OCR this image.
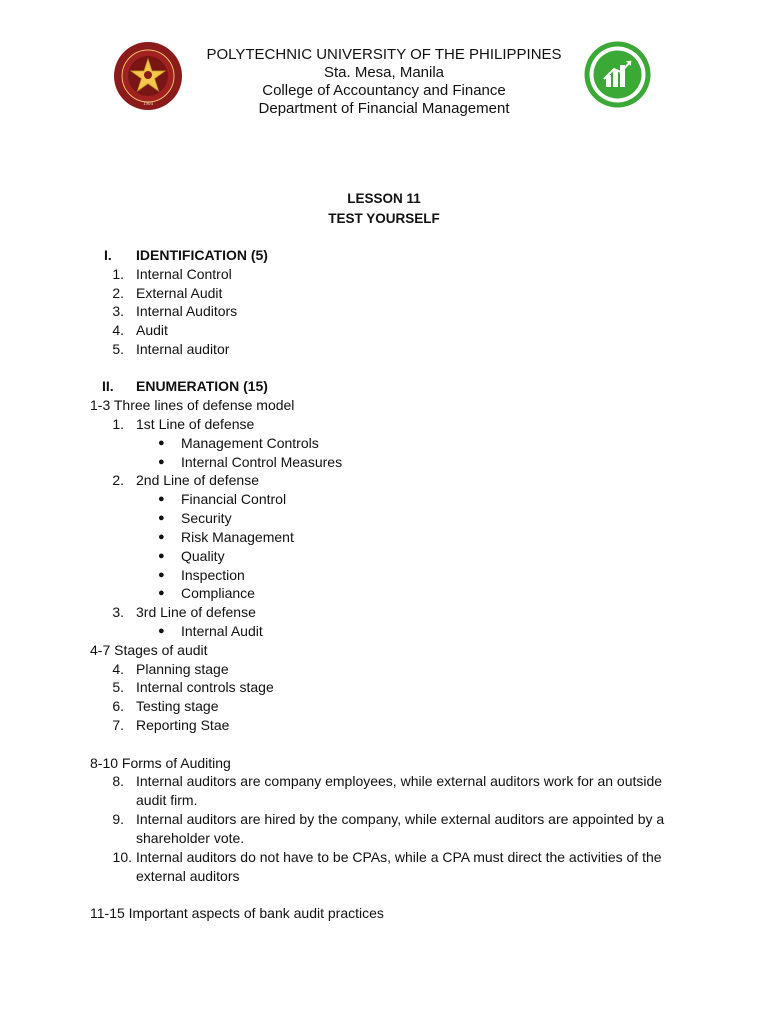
1904
POLYTECHNIC UNIVERSITY OF THE PHILIPPINES
Sta. Mesa, Manila
College of Accountancy and Finance
Department of Financial Management
LESSON 11
TEST YOURSELF
I. IDENTIFICATION (5)
1. Internal Control
2. External Audit
3. Internal Auditors
4. Audit
5. Internal auditor
II. ENUMERATION (15)
1-3 Three lines of defense model
1. 1st Line of defense
● Management Controls
● Internal Control Measures
2. 2nd Line of defense
● Financial Control
● Security
● Risk Management
● Quality
● Inspection
● Compliance
3. 3rd Line of defense
● Internal Audit
4-7 Stages of audit
4. Planning stage
5. Internal controls stage
6. Testing stage
7. Reporting Stae
8-10 Forms of Auditing
8. Internal auditors are company employees, while external auditors work for an outside
audit firm.
9. Internal auditors are hired by the company, while external auditors are appointed by a
shareholder vote.
10. Internal auditors do not have to be CPAs, while a CPA must direct the activities of the
external auditors
11-15 Important aspects of bank audit practices
